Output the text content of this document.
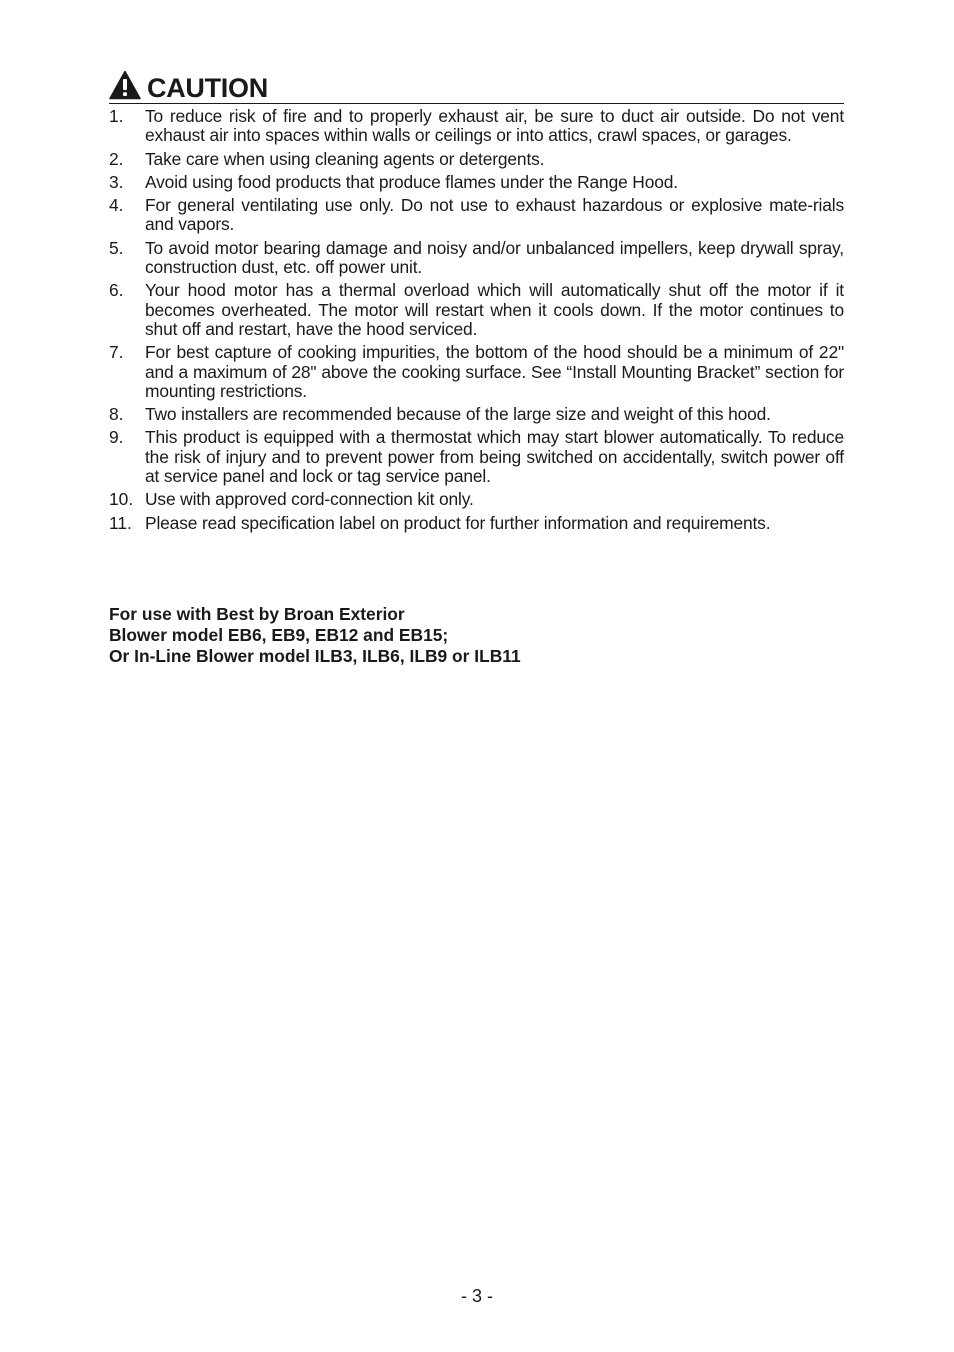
CAUTION
1.	To reduce risk of fire and to properly exhaust air, be sure to duct air outside. Do not vent exhaust air into spaces within walls or ceilings or into attics, crawl spaces, or garages.
2.	Take care when using cleaning agents or detergents.
3.	Avoid using food products that produce flames under the Range Hood.
4.	For general ventilating use only. Do not use to exhaust hazardous or explosive mate-rials and vapors.
5.	To avoid motor bearing damage and noisy and/or unbalanced impellers, keep drywall spray, construction dust, etc. off power unit.
6.	Your hood motor has a thermal overload which will automatically shut off the motor if it becomes overheated. The motor will restart when it cools down. If the motor continues to shut off and restart, have the hood serviced.
7.	For best capture of cooking impurities, the bottom of the hood should be a minimum of 22" and a maximum of 28" above the cooking surface. See “Install Mounting Bracket” section for mounting restrictions.
8.	Two installers are recommended because of the large size and weight of this hood.
9.	This product is equipped with a thermostat which may start blower automatically. To reduce the risk of injury and to prevent power from being switched on accidentally, switch power off at service panel and lock or tag service panel.
10. Use with approved cord-connection kit only.
11. Please read specification label on product for further information and requirements.
For use with Best by Broan Exterior
Blower model EB6, EB9, EB12 and EB15;
Or In-Line Blower model ILB3, ILB6, ILB9 or ILB11
- 3 -
